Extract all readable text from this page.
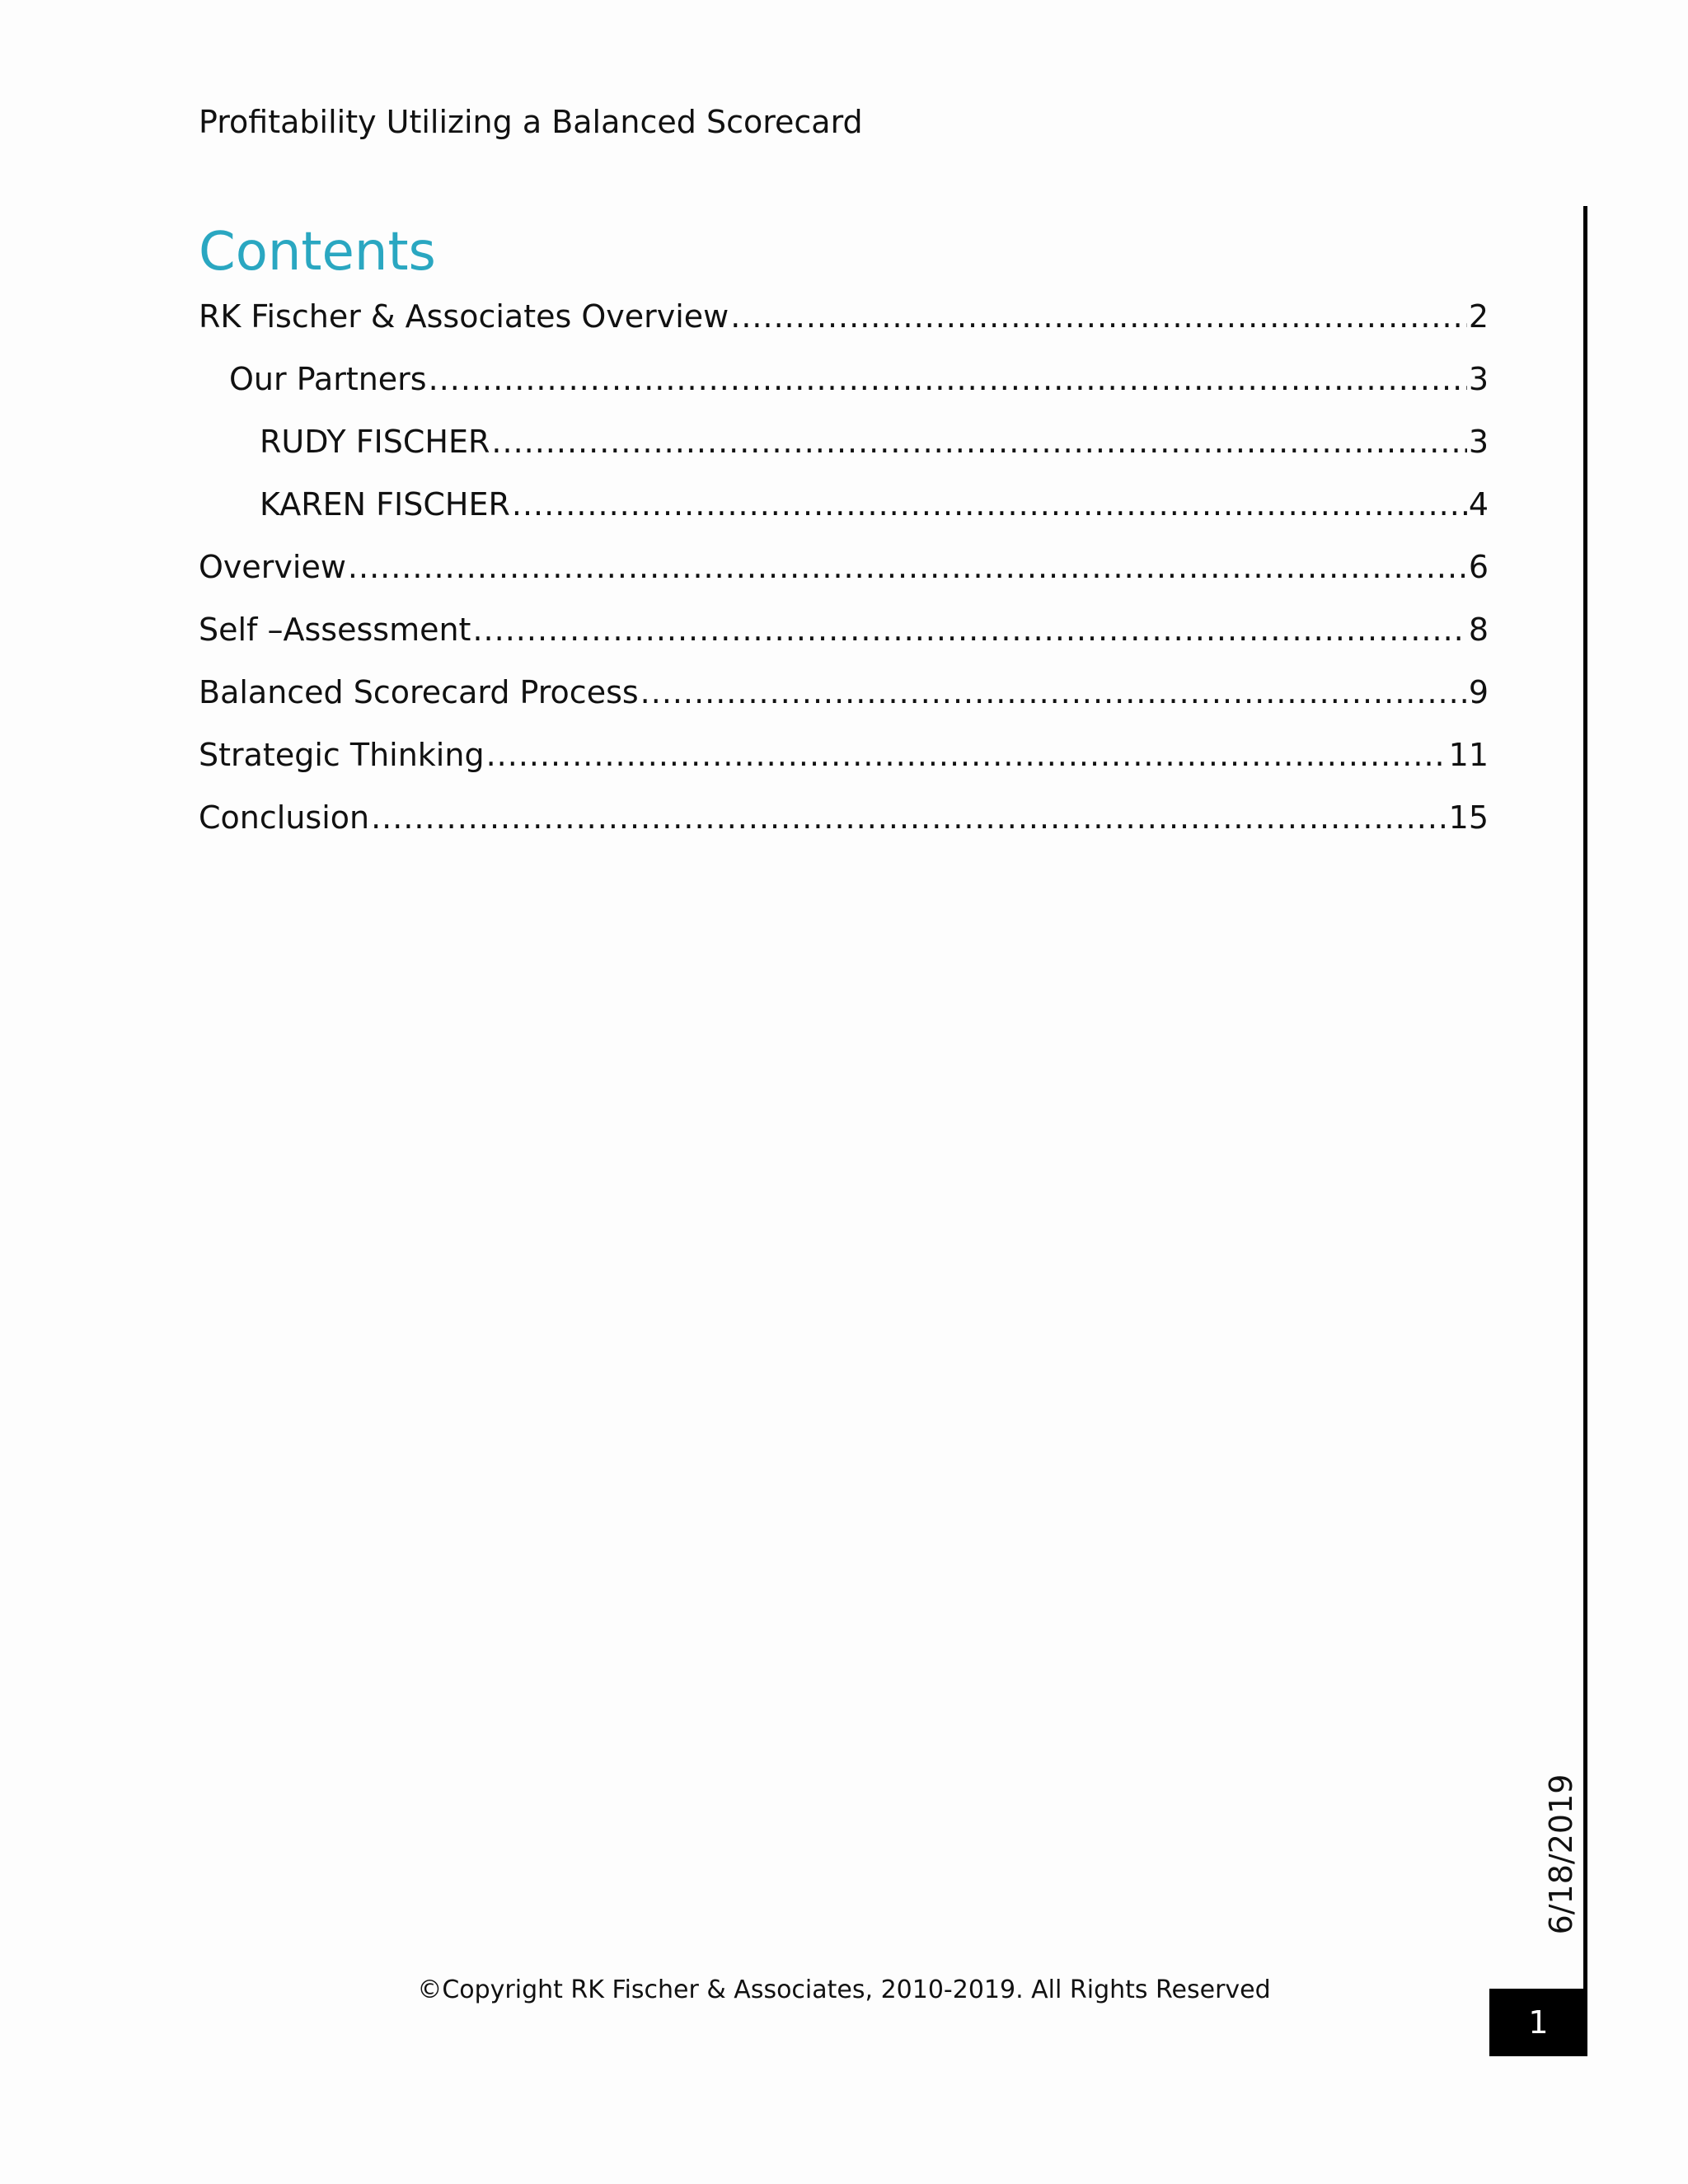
Profitability Utilizing a Balanced Scorecard
Contents
RK Fischer & Associates Overview .....	2
Our Partners .....	3
RUDY FISCHER .....	3
KAREN FISCHER .....	4
Overview .....	6
Self –Assessment .....	8
Balanced Scorecard Process .....	9
Strategic Thinking .....	11
Conclusion .....	15
6/18/2019
1
©Copyright RK Fischer & Associates, 2010-2019. All Rights Reserved
